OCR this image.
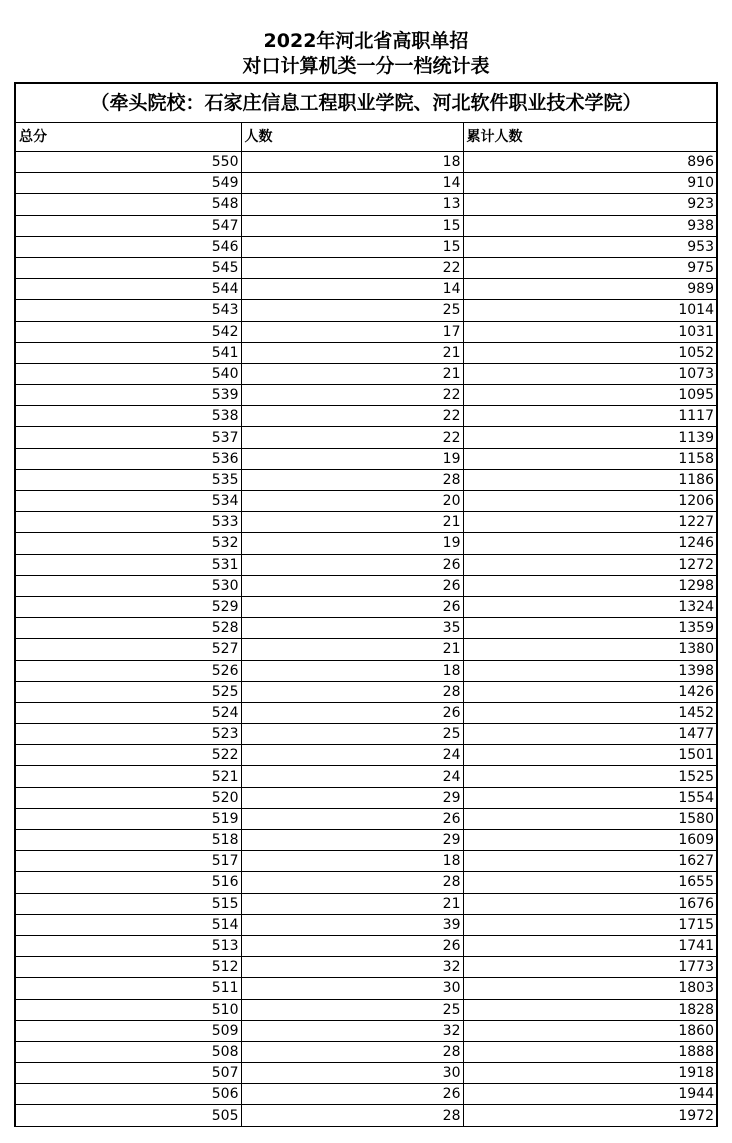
2022年河北省高职单招
对口计算机类一分一档统计表
（牵头院校：石家庄信息工程职业学院、河北软件职业技术学院）
总分	人数	累计人数
550	18	896
549	14	910
548	13	923
547	15	938
546	15	953
545	22	975
544	14	989
543	25	1014
542	17	1031
541	21	1052
540	21	1073
539	22	1095
538	22	1117
537	22	1139
536	19	1158
535	28	1186
534	20	1206
533	21	1227
532	19	1246
531	26	1272
530	26	1298
529	26	1324
528	35	1359
527	21	1380
526	18	1398
525	28	1426
524	26	1452
523	25	1477
522	24	1501
521	24	1525
520	29	1554
519	26	1580
518	29	1609
517	18	1627
516	28	1655
515	21	1676
514	39	1715
513	26	1741
512	32	1773
511	30	1803
510	25	1828
509	32	1860
508	28	1888
507	30	1918
506	26	1944
505	28	1972
